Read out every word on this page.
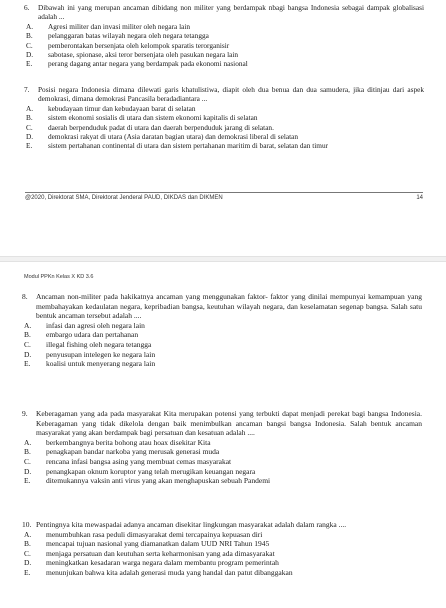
6. Dibawah ini yang merupan ancaman dibidang non militer yang berdampak nbagi bangsa Indonesia sebagai dampak globalisasi adalah ...
A. Agresi militer dan invasi militer oleh negara lain
B. pelanggaran batas wilayah negara oleh negara tetangga
C. pemberontakan bersenjata oleh kelompok sparatis terorganisir
D. sabotase, spionase, aksi teror bersenjata oleh pasukan negara lain
E. perang dagang antar negara yang berdampak pada ekonomi nasional
7. Posisi negara Indonesia dimana dilewati garis khatulistiwa, diapit oleh dua benua dan dua samudera, jika ditinjau dari aspek demokrasi, dimana demokrasi Pancasila beradadiantara ...
A. kebudayaan timur dan kebudayaan barat di selatan
B. sistem ekonomi sosialis di utara dan sistem ekonomi kapitalis di selatan
C. daerah berpenduduk padat di utara dan daerah berpenduduk jarang di selatan.
D. demokrasi rakyat di utara (Asia daratan bagian utara) dan demokrasi liberal di selatan
E. sistem pertahanan continental di utara dan sistem pertahanan maritim di barat, selatan dan timur
@2020, Direktorat SMA, Direktorat Jenderal PAUD, DIKDAS dan DIKMEN	14
Modul PPKn Kelas X KD 3.6
8. Ancaman non-militer pada hakikatnya ancaman yang menggunakan faktor- faktor yang dinilai mempunyai kemampuan yang membahayakan kedaulatan negara, kepribadian bangsa, keutuhan wilayah negara, dan keselamatan segenap bangsa. Salah satu bentuk ancaman tersebut adalah ....
A. infasi dan agresi oleh negara lain
B. embargo udara dan pertahanan
C. illegal fishing oleh negara tetangga
D. penyusupan intelegen ke negara lain
E. koalisi untuk menyerang negara lain
9. Keberagaman yang ada pada masyarakat Kita merupakan potensi yang terbukti dapat menjadi perekat bagi bangsa Indonesia. Keberagaman yang tidak dikelola dengan baik menimbulkan ancaman bangsi bangsa Indonesia. Salah bentuk ancaman masyarakat yang akan berdampak bagi persatuan dan kesatuan adalah ....
A. berkembangnya berita bohong atau hoax disekitar Kita
B. penagkapan bandar narkoba yang merusak generasi muda
C. rencana infasi bangsa asing yang membuat cemas masyarakat
D. penangkapan oknum koruptor yang telah merugikan keuangan negara
E. ditemukannya vaksin anti virus yang akan menghapuskan sebuah Pandemi
10. Pentingnya kita mewaspadai adanya ancaman disekitar lingkungan masyarakat adalah dalam rangka ....
A. menumbuhkan rasa peduli dimasyarakat demi tercapainya kepuasan diri
B. mencapai tujuan nasional yang diamanatkan dalam UUD NRI Tahun 1945
C. menjaga persatuan dan keutuhan serta keharmonisan yang ada dimasyarakat
D. meningkatkan kesadaran warga negara dalam membantu program pemerintah
E. menunjukan bahwa kita adalah generasi muda yang handal dan patut dibanggakan
